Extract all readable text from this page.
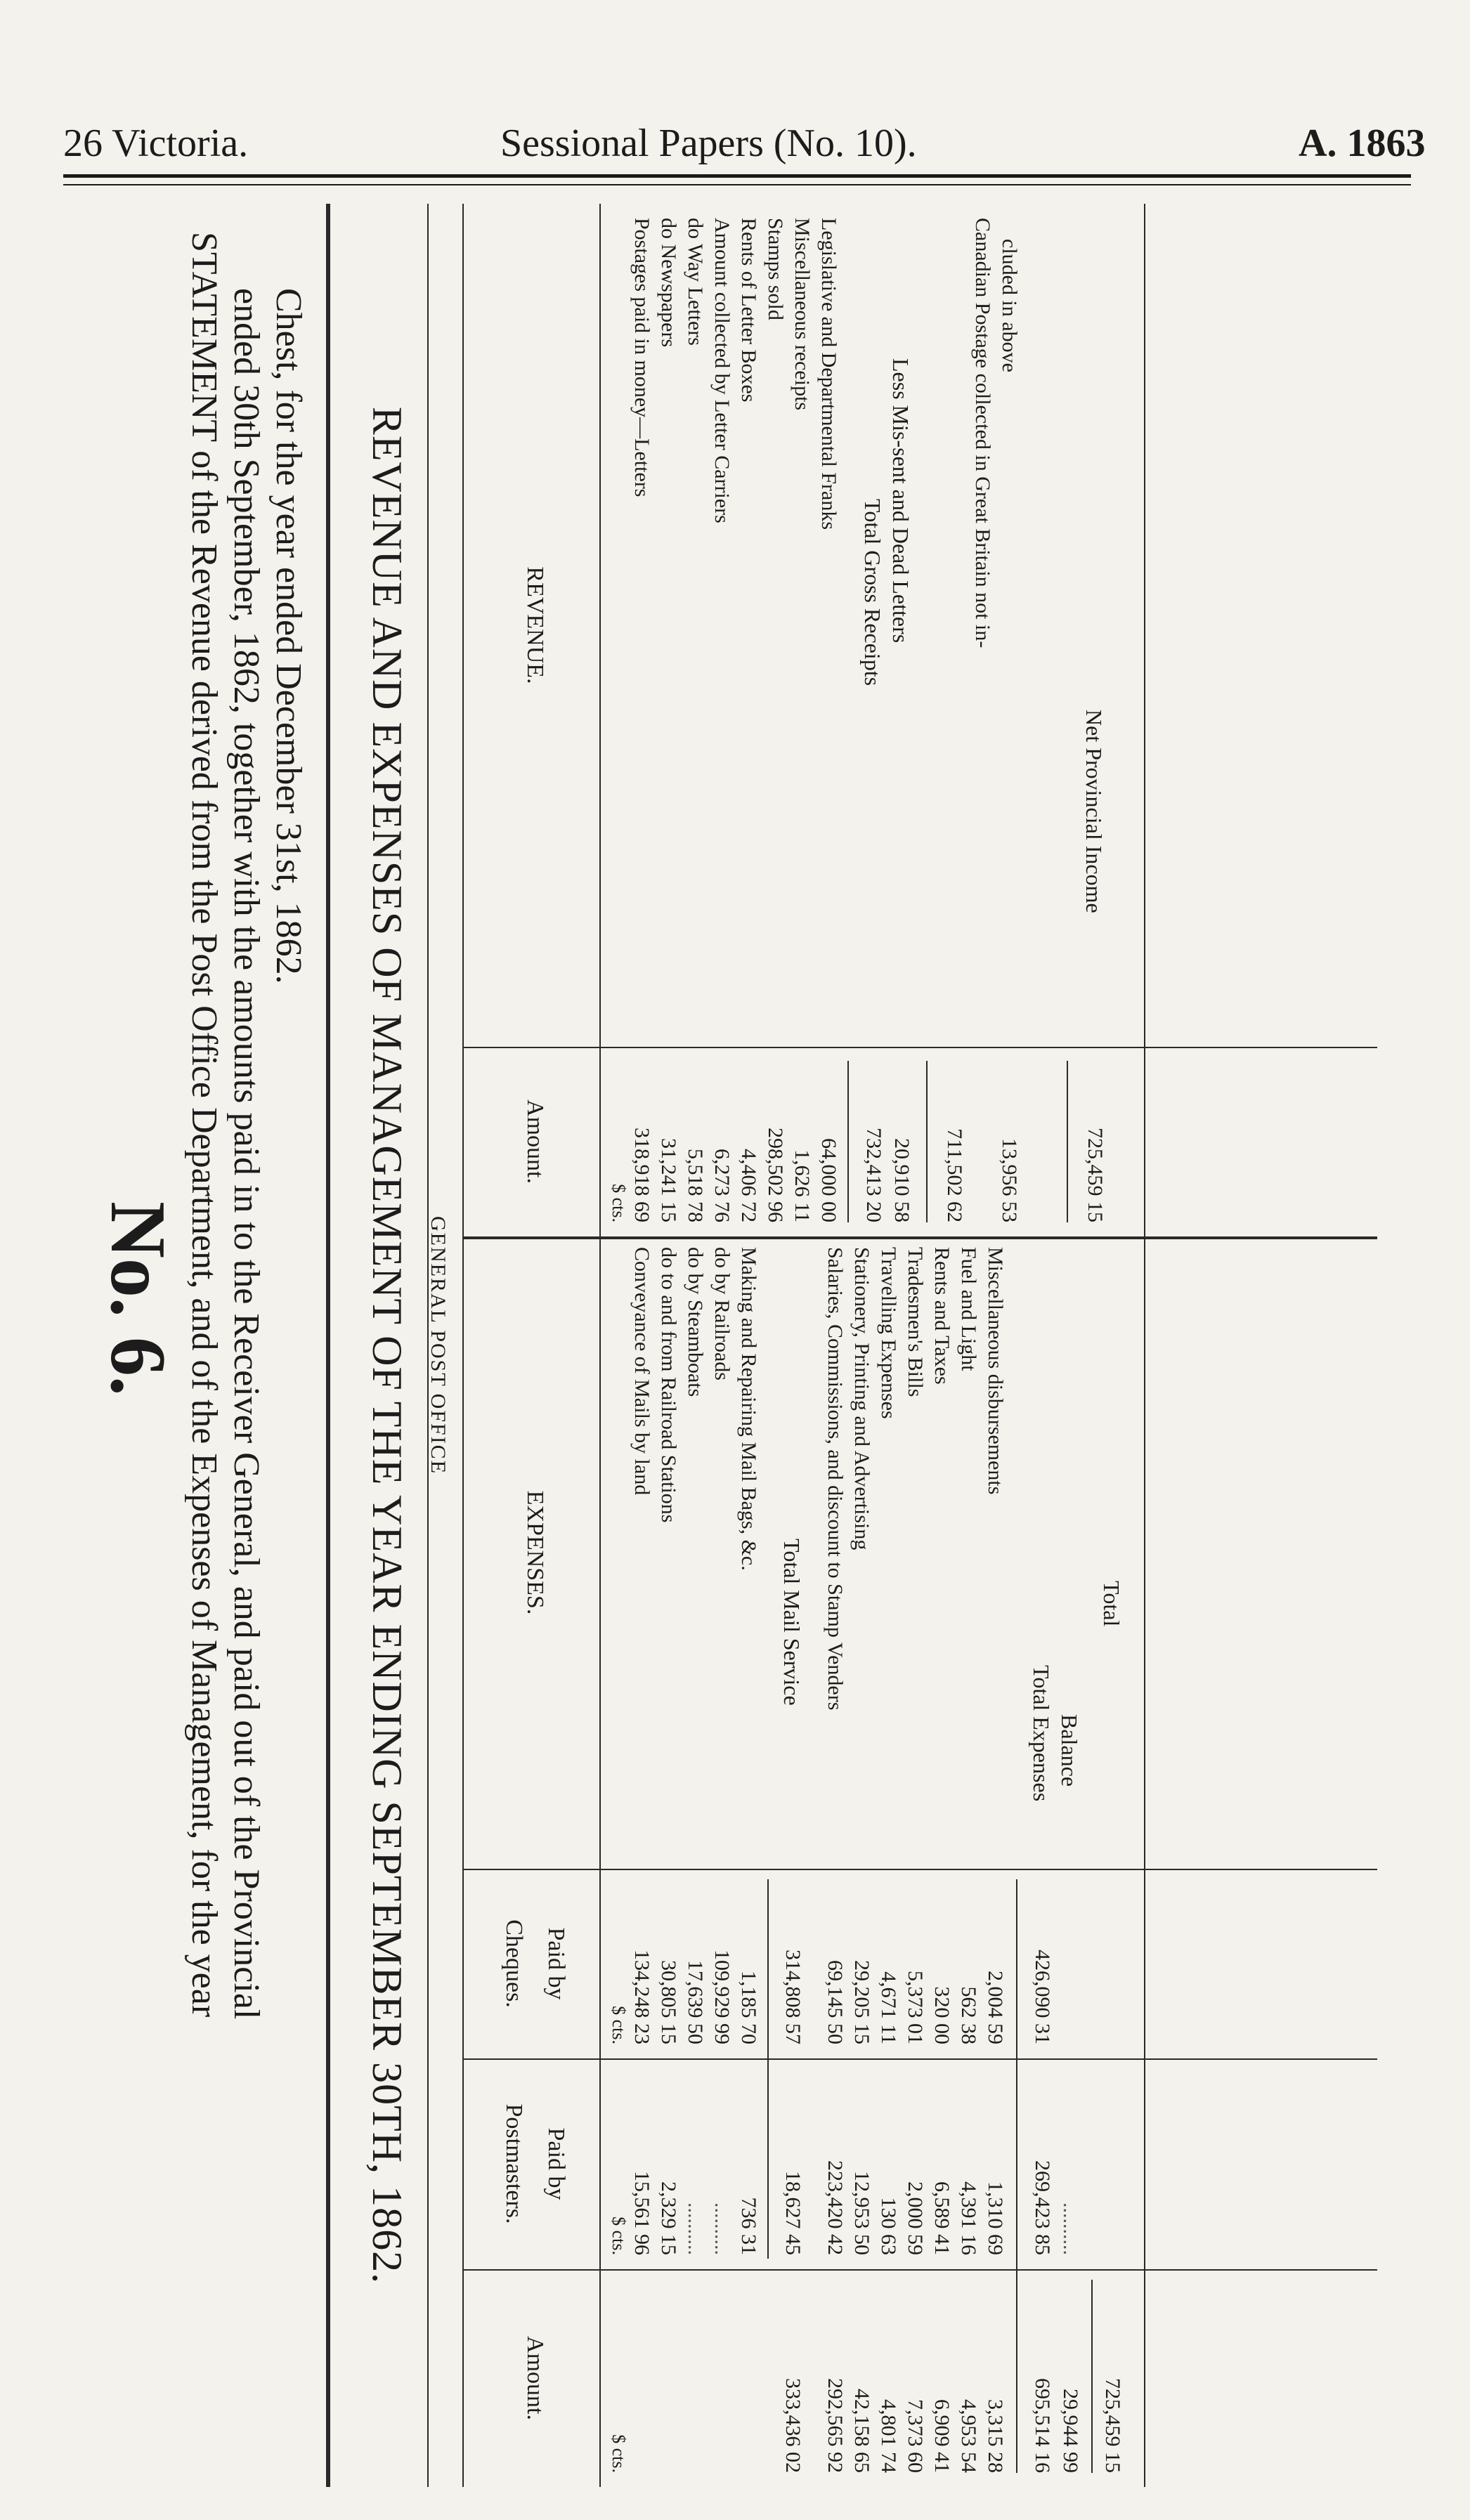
26 Victoria.	Sessional Papers (No. 10).	A. 1863
No. 6. STATEMENT of the Revenue derived from the Post Office Department, and of the Expenses of Management, for the year ended 30th September, 1862, together with the amounts paid in to the Receiver General, and paid out of the Provincial Chest, for the year ended December 31st, 1862. REVENUE AND EXPENSES OF MANAGEMENT OF THE YEAR ENDING SEPTEMBER 30TH, 1862. GENERAL POST OFFICE
REVENUE.
Amount.
EXPENSES.
Paid by
Cheques.
Paid by
Postmasters.
Amount.
$ cts.
$ cts.
$ cts.
$ cts.
Postages paid in money—Letters
318,918 69
do Newspapers
31,241 15
do Way Letters
5,518 78
Amount collected by Letter Carriers
6,273 76
Rents of Letter Boxes
4,406 72
Stamps sold
298,502 96
Miscellaneous receipts
1,626 11
Legislative and Departmental Franks
64,000 00
Total Gross Receipts
732,413 20
Less Mis-sent and Dead Letters
20,910 58 711,502 62
Canadian Postage collected in Great Britain not in- cluded in above
13,956 53
Net Provincial Income
725,459 15
Conveyance of Mails by land
134,248 23
15,561 96
do to and from Railroad Stations
30,805 15
2,329 15
do by Steamboats
17,639 50
..........
do by Railroads
109,929 99
..........
Making and Repairing Mail Bags, &c.
1,185 70
736 31
Total Mail Service
314,808 57
18,627 45
333,436 02
Salaries, Commissions, and discount to Stamp Venders
69,145 50
223,420 42
292,565 92
Stationery, Printing and Advertising
29,205 15
12,953 50
42,158 65
Travelling Expenses
4,671 11
130 63
4,801 74
Tradesmen's Bills
5,373 01
2,000 59
7,373 60
Rents and Taxes
320 00
6,589 41
6,909 41
Fuel and Light
562 38
4,391 16
4,953 54
Miscellaneous disbursements
2,004 59
1,310 69
3,315 28
Total Expenses
426,090 31
269,423 85
695,514 16
Balance
..........
29,944 99
Total
725,459 15
